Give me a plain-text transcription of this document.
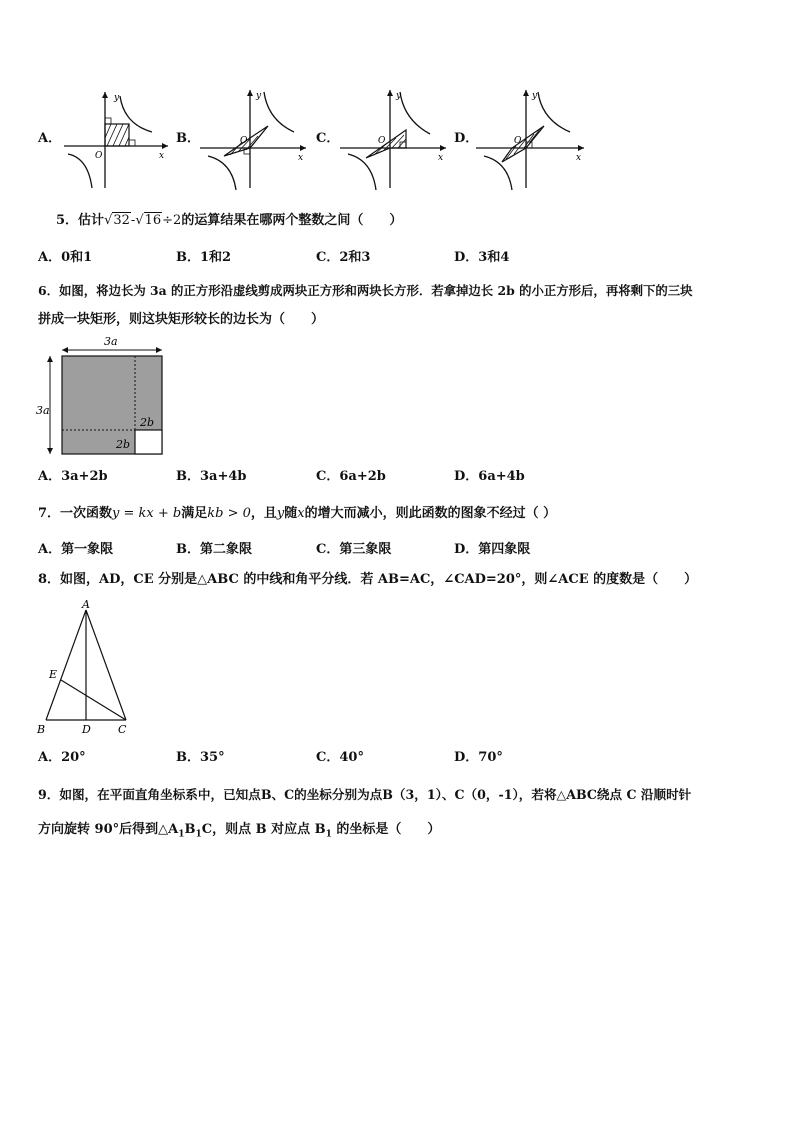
A．
y
x
O
B．
y
x
O	C．
y
x
O	D．
y
x
O
5．估计√32-√16÷2的运算结果在哪两个整数之间（　　）
A．0和1	B．1和2	C．2和3	D．3和4
6．如图，将边长为 3a 的正方形沿虚线剪成两块正方形和两块长方形．若拿掉边长 2b 的小正方形后，再将剩下的三块
拼成一块矩形，则这块矩形较长的边长为（　　）
3a
3a
2b
2b
A．3a+2b	B．3a+4b	C．6a+2b	D．6a+4b
7．一次函数y = kx + b满足kb > 0，且y随x的增大而减小，则此函数的图象不经过（ ）
A．第一象限	B．第二象限	C．第三象限	D．第四象限
8．如图，AD，CE 分别是△ABC 的中线和角平分线．若 AB=AC，∠CAD=20°，则∠ACE 的度数是（　　）
A
B	C
D
E
A．20°	B．35°	C．40°	D．70°
9．如图，在平面直角坐标系中，已知点B、C的坐标分别为点B（3，1）、C（0，-1），若将△ABC绕点 C 沿顺时针
方向旋转 90°后得到$\triangle A_1B_1C$，则点 B 对应点 $B_1$ 的坐标是（　　）
